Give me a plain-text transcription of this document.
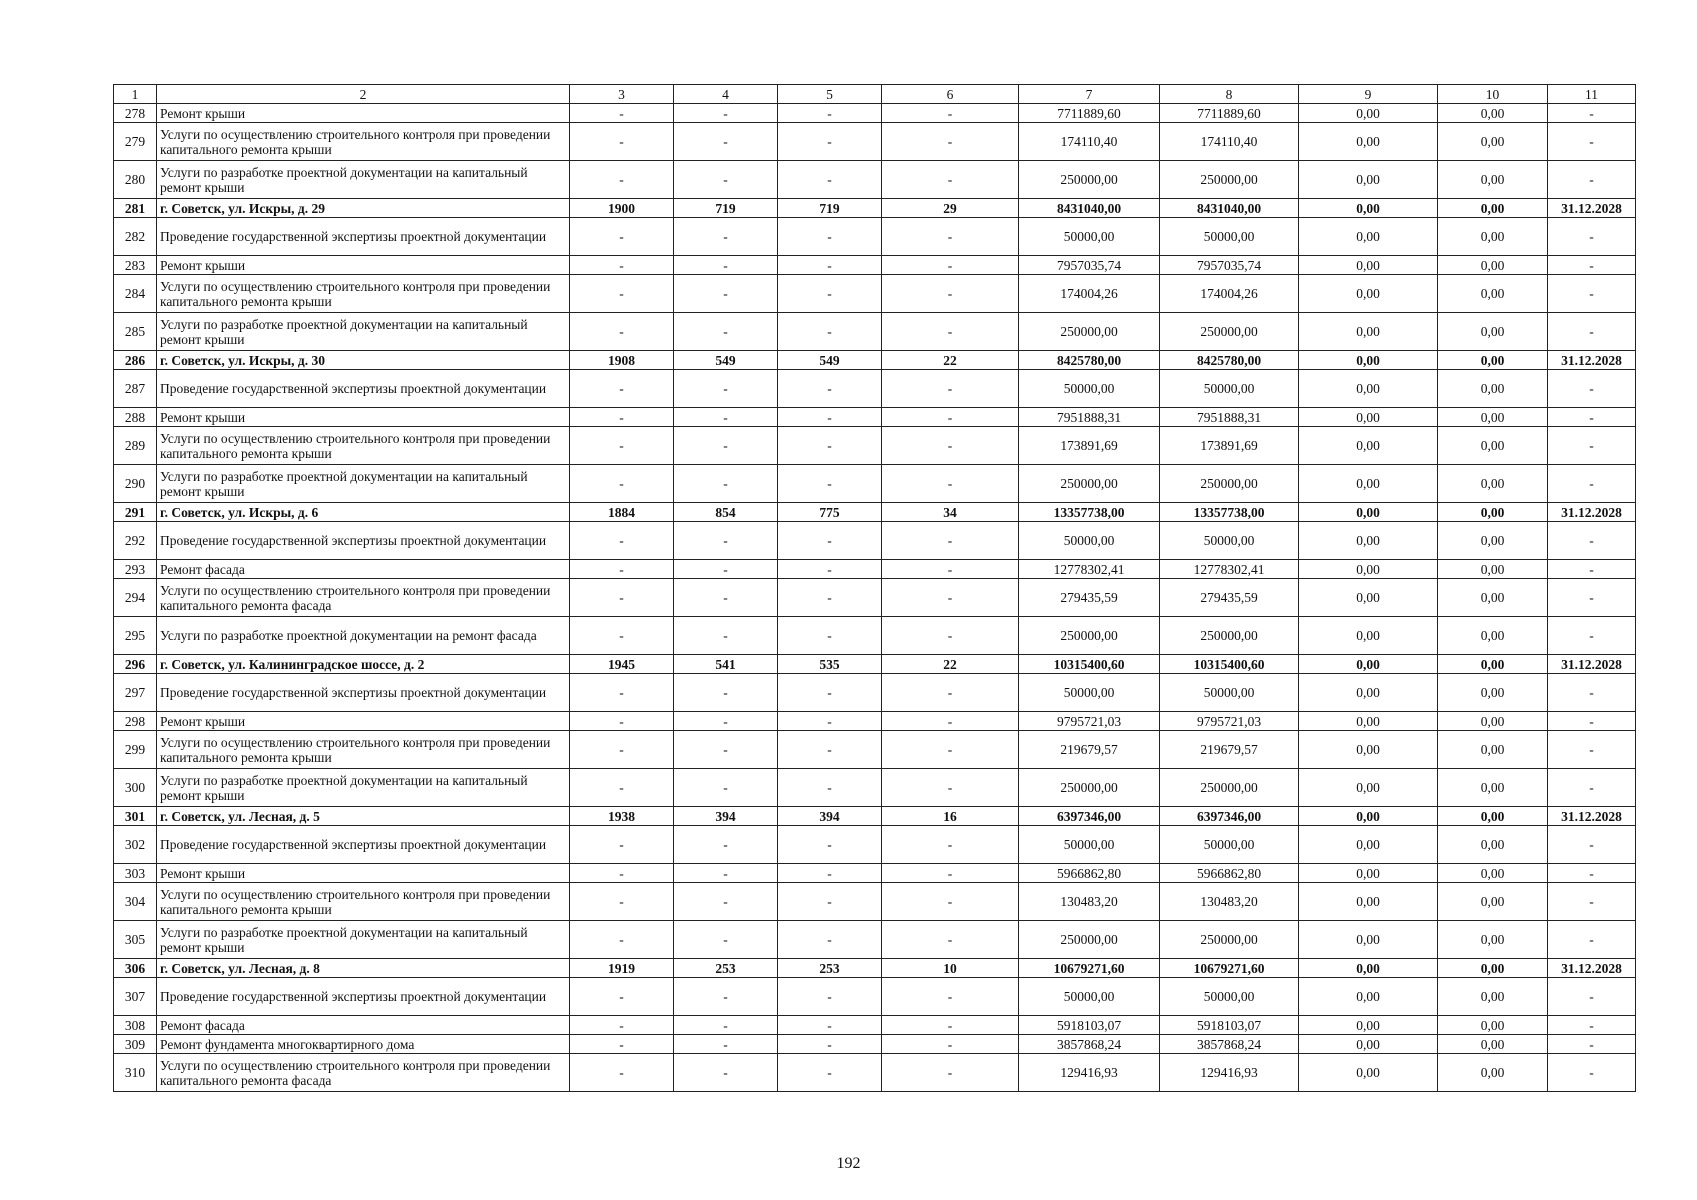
1	2	3	4	5	6	7	8	9	10	11
278	Ремонт крыши	-	-	-	-	7711889,60	7711889,60	0,00	0,00	-
279	Услуги по осуществлению строительного контроля при проведении капитального ремонта крыши	-	-	-	-	174110,40	174110,40	0,00	0,00	-
280	Услуги по разработке проектной документации на капитальный ремонт крыши	-	-	-	-	250000,00	250000,00	0,00	0,00	-
281	г. Советск, ул. Искры, д. 29	1900	719	719	29	8431040,00	8431040,00	0,00	0,00	31.12.2028
282	Проведение государственной экспертизы проектной документации	-	-	-	-	50000,00	50000,00	0,00	0,00	-
283	Ремонт крыши	-	-	-	-	7957035,74	7957035,74	0,00	0,00	-
284	Услуги по осуществлению строительного контроля при проведении капитального ремонта крыши	-	-	-	-	174004,26	174004,26	0,00	0,00	-
285	Услуги по разработке проектной документации на капитальный ремонт крыши	-	-	-	-	250000,00	250000,00	0,00	0,00	-
286	г. Советск, ул. Искры, д. 30	1908	549	549	22	8425780,00	8425780,00	0,00	0,00	31.12.2028
287	Проведение государственной экспертизы проектной документации	-	-	-	-	50000,00	50000,00	0,00	0,00	-
288	Ремонт крыши	-	-	-	-	7951888,31	7951888,31	0,00	0,00	-
289	Услуги по осуществлению строительного контроля при проведении капитального ремонта крыши	-	-	-	-	173891,69	173891,69	0,00	0,00	-
290	Услуги по разработке проектной документации на капитальный ремонт крыши	-	-	-	-	250000,00	250000,00	0,00	0,00	-
291	г. Советск, ул. Искры, д. 6	1884	854	775	34	13357738,00	13357738,00	0,00	0,00	31.12.2028
292	Проведение государственной экспертизы проектной документации	-	-	-	-	50000,00	50000,00	0,00	0,00	-
293	Ремонт фасада	-	-	-	-	12778302,41	12778302,41	0,00	0,00	-
294	Услуги по осуществлению строительного контроля при проведении капитального ремонта фасада	-	-	-	-	279435,59	279435,59	0,00	0,00	-
295	Услуги по разработке проектной документации на ремонт фасада	-	-	-	-	250000,00	250000,00	0,00	0,00	-
296	г. Советск, ул. Калининградское шоссе, д. 2	1945	541	535	22	10315400,60	10315400,60	0,00	0,00	31.12.2028
297	Проведение государственной экспертизы проектной документации	-	-	-	-	50000,00	50000,00	0,00	0,00	-
298	Ремонт крыши	-	-	-	-	9795721,03	9795721,03	0,00	0,00	-
299	Услуги по осуществлению строительного контроля при проведении капитального ремонта крыши	-	-	-	-	219679,57	219679,57	0,00	0,00	-
300	Услуги по разработке проектной документации на капитальный ремонт крыши	-	-	-	-	250000,00	250000,00	0,00	0,00	-
301	г. Советск, ул. Лесная, д. 5	1938	394	394	16	6397346,00	6397346,00	0,00	0,00	31.12.2028
302	Проведение государственной экспертизы проектной документации	-	-	-	-	50000,00	50000,00	0,00	0,00	-
303	Ремонт крыши	-	-	-	-	5966862,80	5966862,80	0,00	0,00	-
304	Услуги по осуществлению строительного контроля при проведении капитального ремонта крыши	-	-	-	-	130483,20	130483,20	0,00	0,00	-
305	Услуги по разработке проектной документации на капитальный ремонт крыши	-	-	-	-	250000,00	250000,00	0,00	0,00	-
306	г. Советск, ул. Лесная, д. 8	1919	253	253	10	10679271,60	10679271,60	0,00	0,00	31.12.2028
307	Проведение государственной экспертизы проектной документации	-	-	-	-	50000,00	50000,00	0,00	0,00	-
308	Ремонт фасада	-	-	-	-	5918103,07	5918103,07	0,00	0,00	-
309	Ремонт фундамента многоквартирного дома	-	-	-	-	3857868,24	3857868,24	0,00	0,00	-
310	Услуги по осуществлению строительного контроля при проведении капитального ремонта фасада	-	-	-	-	129416,93	129416,93	0,00	0,00	-
192
